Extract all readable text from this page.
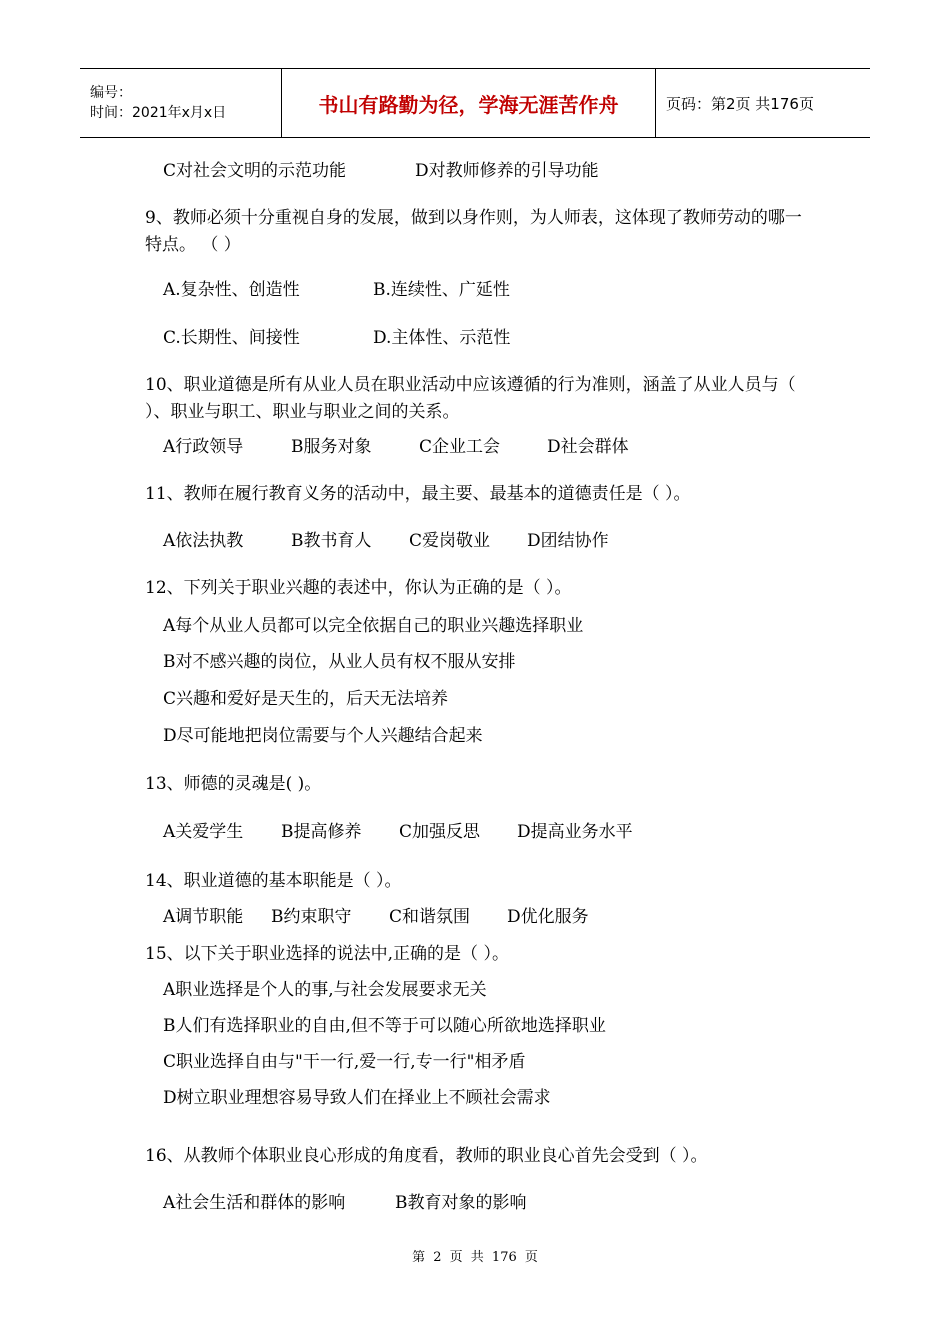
编号：
时间：2021年x月x日	书山有路勤为径，学海无涯苦作舟	页码：第2页 共176页
C对社会文明的示范功能	D对教师修养的引导功能
9、教师必须十分重视自身的发展，做到以身作则，为人师表，这体现了教师劳动的哪一特点。 （ ）
A.复杂性、创造性	B.连续性、广延性
C.长期性、间接性	D.主体性、示范性
10、职业道德是所有从业人员在职业活动中应该遵循的行为准则，涵盖了从业人员与（ ）、职业与职工、职业与职业之间的关系。
A行政领导	B服务对象	C企业工会	D社会群体
11、教师在履行教育义务的活动中，最主要、最基本的道德责任是（ ）。
A依法执教	B教书育人 C爱岗敬业 D团结协作
12、下列关于职业兴趣的表述中，你认为正确的是（ ）。
A每个从业人员都可以完全依据自己的职业兴趣选择职业
B对不感兴趣的岗位，从业人员有权不服从安排
C兴趣和爱好是天生的，后天无法培养
D尽可能地把岗位需要与个人兴趣结合起来
13、师德的灵魂是( )。
A关爱学生 B提高修养 C加强反思 D提高业务水平
14、职业道德的基本职能是（ ）。
A调节职能 B约束职守 C和谐氛围 D优化服务
15、以下关于职业选择的说法中,正确的是（ ）。
A职业选择是个人的事,与社会发展要求无关
B人们有选择职业的自由,但不等于可以随心所欲地选择职业
C职业选择自由与"干一行,爱一行,专一行"相矛盾
D树立职业理想容易导致人们在择业上不顾社会需求
16、从教师个体职业良心形成的角度看，教师的职业良心首先会受到（ ）。
A社会生活和群体的影响	B教育对象的影响
第 2 页 共 176 页
